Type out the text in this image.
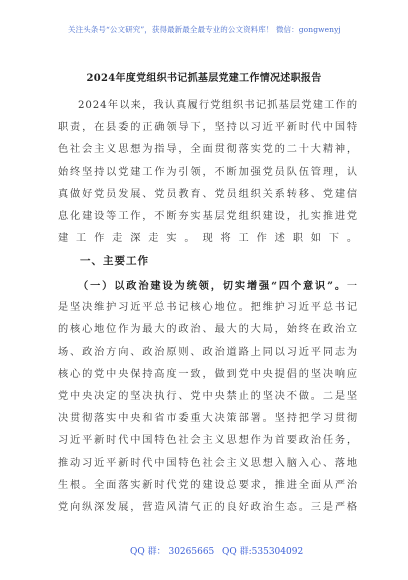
关注头条号“公文研究”，获得最新最全最专业的公文资料库！ 微信：gongwenyj
2024年度党组织书记抓基层党建工作情况述职报告
2024年以来，我认真履行党组织书记抓基层党建工作的
职责，在县委的正确领导下，坚持以习近平新时代中国特
色社会主义思想为指导，全面贯彻落实党的二十大精神，
始终坚持以党建工作为引领，不断加强党员队伍管理，认
真做好党员发展、党员教育、党员组织关系转移、党建信
息化建设等工作，不断夯实基层党组织建设，扎实推进党
建工作走深走实。现将工作述职如下。
一、主要工作
（一）以政治建设为统领，切实增强“四个意识”。一
是坚决维护习近平总书记核心地位。把维护习近平总书记
的核心地位作为最大的政治、最大的大局，始终在政治立
场、政治方向、政治原则、政治道路上同以习近平同志为
核心的党中央保持高度一致，做到党中央提倡的坚决响应
党中央决定的坚决执行、党中央禁止的坚决不做。二是坚
决贯彻落实中央和省市委重大决策部署。坚持把学习贯彻
习近平新时代中国特色社会主义思想作为首要政治任务，
推动习近平新时代中国特色社会主义思想入脑入心、落地
生根。全面落实新时代党的建设总要求，推进全面从严治
党向纵深发展，营造风清气正的良好政治生态。三是严格
QQ 群： 30265665 QQ 群:535304092
